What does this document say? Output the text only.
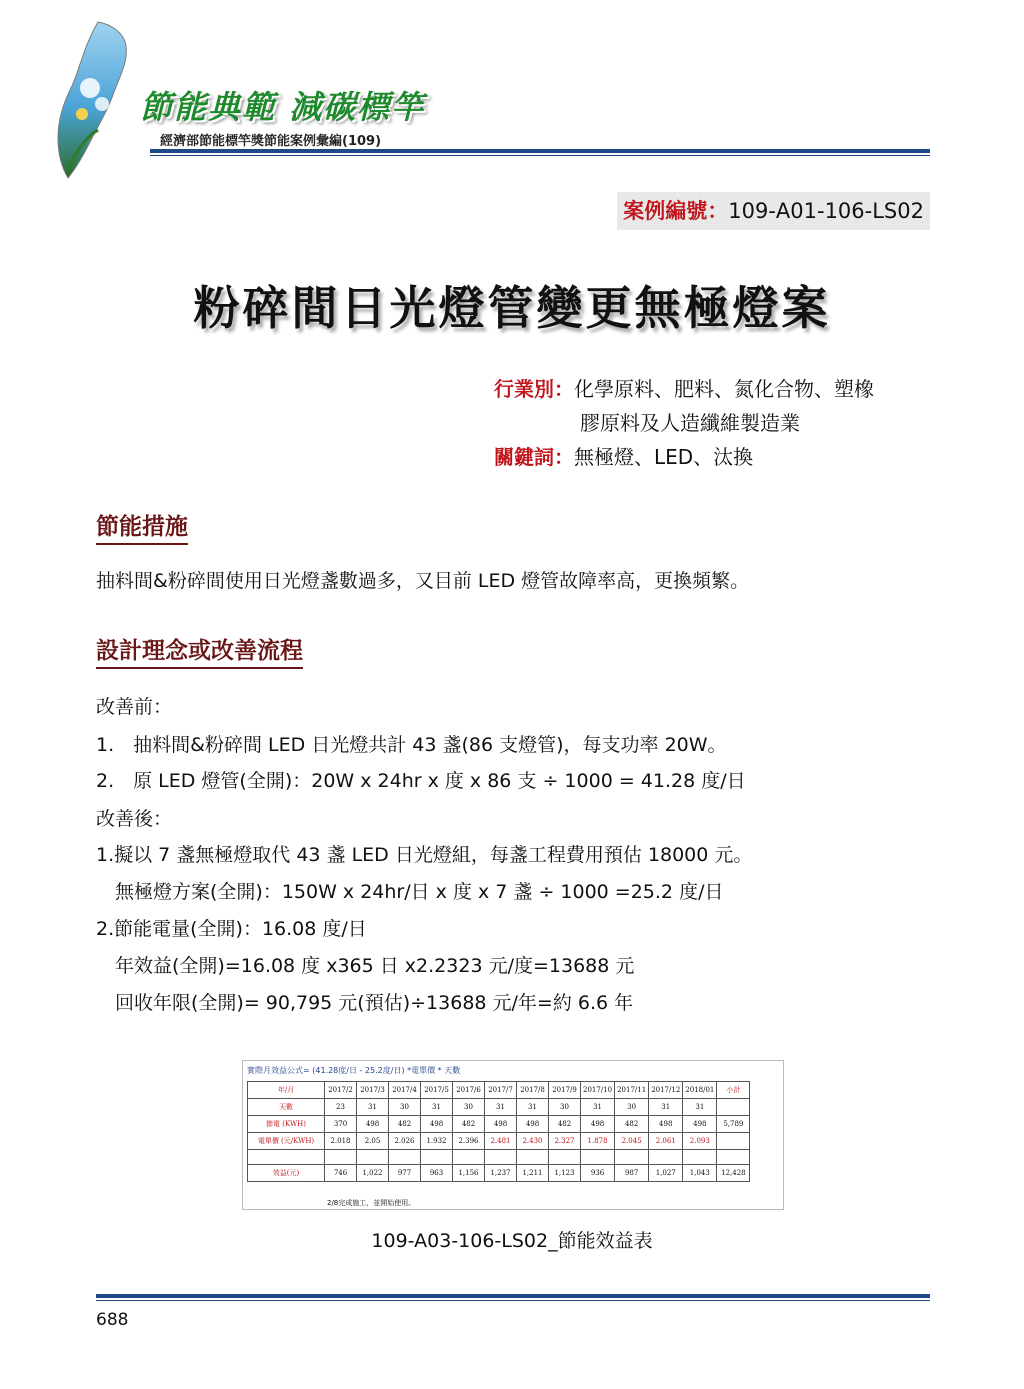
節能典範 減碳標竿
經濟部節能標竿獎節能案例彙編(109)
案例編號：109-A01-106-LS02
粉碎間日光燈管變更無極燈案
行業別：化學原料、肥料、氮化合物、塑橡
膠原料及人造纖維製造業
關鍵詞：無極燈、LED、汰換
節能措施
抽料間&粉碎間使用日光燈盞數過多，又目前 LED 燈管故障率高，更換頻繁。
設計理念或改善流程
改善前：
1.　抽料間&粉碎間 LED 日光燈共計 43 盞(86 支燈管)，每支功率 20W。
2.　原 LED 燈管(全開)：20W x 24hr x 度 x 86 支 ÷ 1000 = 41.28 度/日
改善後：
1.擬以 7 盞無極燈取代 43 盞 LED 日光燈組，每盞工程費用預估 18000 元。
　無極燈方案(全開)：150W x 24hr/日 x 度 x 7 盞 ÷ 1000 =25.2 度/日
2.節能電量(全開)：16.08 度/日
　年效益(全開)=16.08 度 x365 日 x2.2323 元/度=13688 元
　回收年限(全開)= 90,795 元(預估)÷13688 元/年=約 6.6 年
實際月效益公式= (41.28度/日 - 25.2度/日) *電單價 * 天數
年/月	2017/2	2017/3	2017/4	2017/5	2017/6	2017/7	2017/8	2017/9	2017/10	2017/11	2017/12	2018/01	小計
天數	23	31	30	31	30	31	31	30	31	30	31	31	
節電 (KWH)	370	498	482	498	482	498	498	482	498	482	498	498	5,789
電單價 (元/KWH)	2.018	2.05	2.026	1.932	2.396	2.481	2.430	2.327	1.878	2.045	2.061	2.093	

效益(元)	746	1,022	977	963	1,156	1,237	1,211	1,123	936	987	1,027	1,043	12,428
2/8完成施工，並開始使用。
109-A03-106-LS02_節能效益表
688
